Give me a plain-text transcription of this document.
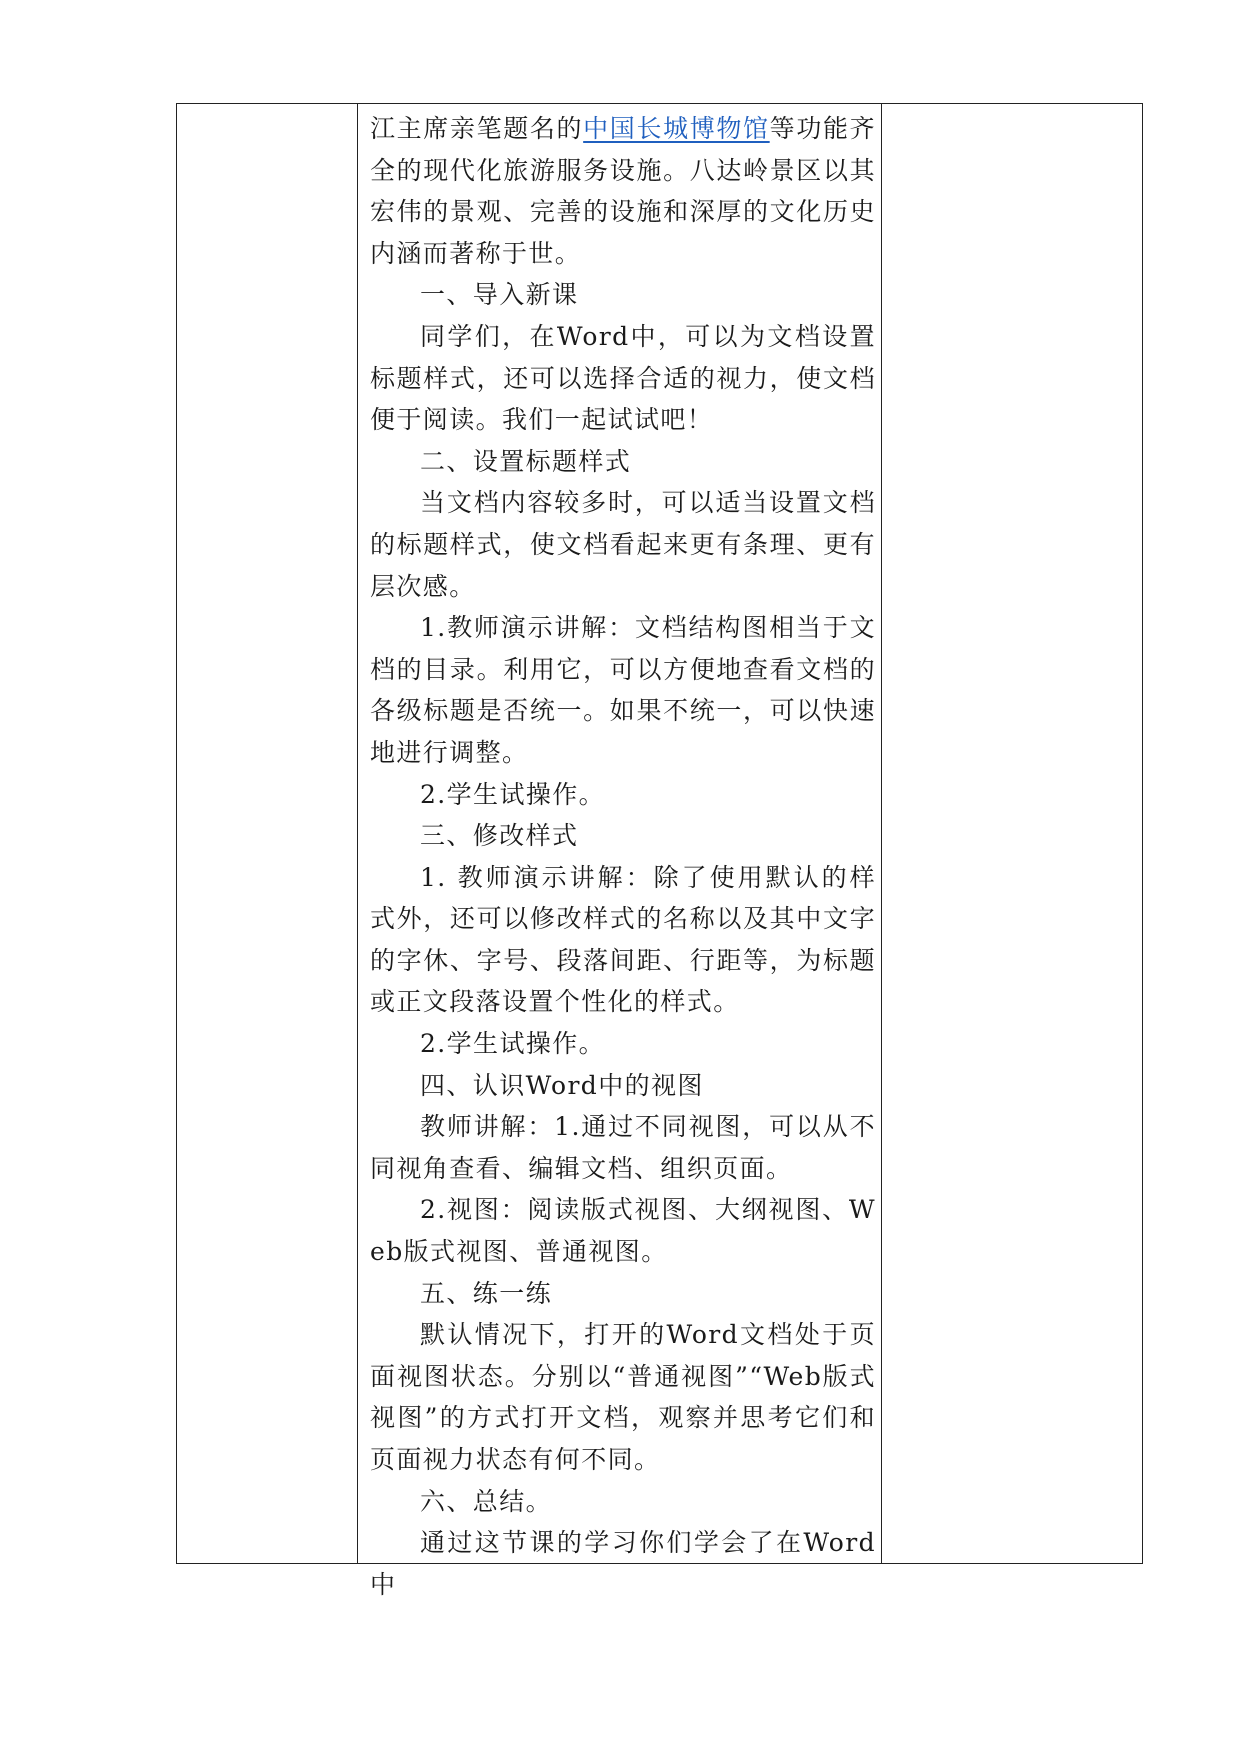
江主席亲笔题名的中国长城博物馆等功能齐全的现代化旅游服务设施。八达岭景区以其宏伟的景观、完善的设施和深厚的文化历史内涵而著称于世。

一、导入新课

同学们，在Word中，可以为文档设置标题样式，还可以选择合适的视力，使文档便于阅读。我们一起试试吧！

二、设置标题样式

当文档内容较多时，可以适当设置文档的标题样式，使文档看起来更有条理、更有层次感。

1.教师演示讲解：文档结构图相当于文档的目录。利用它，可以方便地查看文档的各级标题是否统一。如果不统一，可以快速地进行调整。

2.学生试操作。

三、修改样式

1. 教师演示讲解：除了使用默认的样式外，还可以修改样式的名称以及其中文字的字休、字号、段落间距、行距等，为标题或正文段落设置个性化的样式。

2.学生试操作。

四、认识Word中的视图

教师讲解：1.通过不同视图，可以从不同视角查看、编辑文档、组织页面。

2.视图：阅读版式视图、大纲视图、Web版式视图、普通视图。

五、练一练

默认情况下，打开的Word文档处于页面视图状态。分别以“普通视图”“Web版式视图”的方式打开文档，观察并思考它们和页面视力状态有何不同。

六、总结。

通过这节课的学习你们学会了在Word中
